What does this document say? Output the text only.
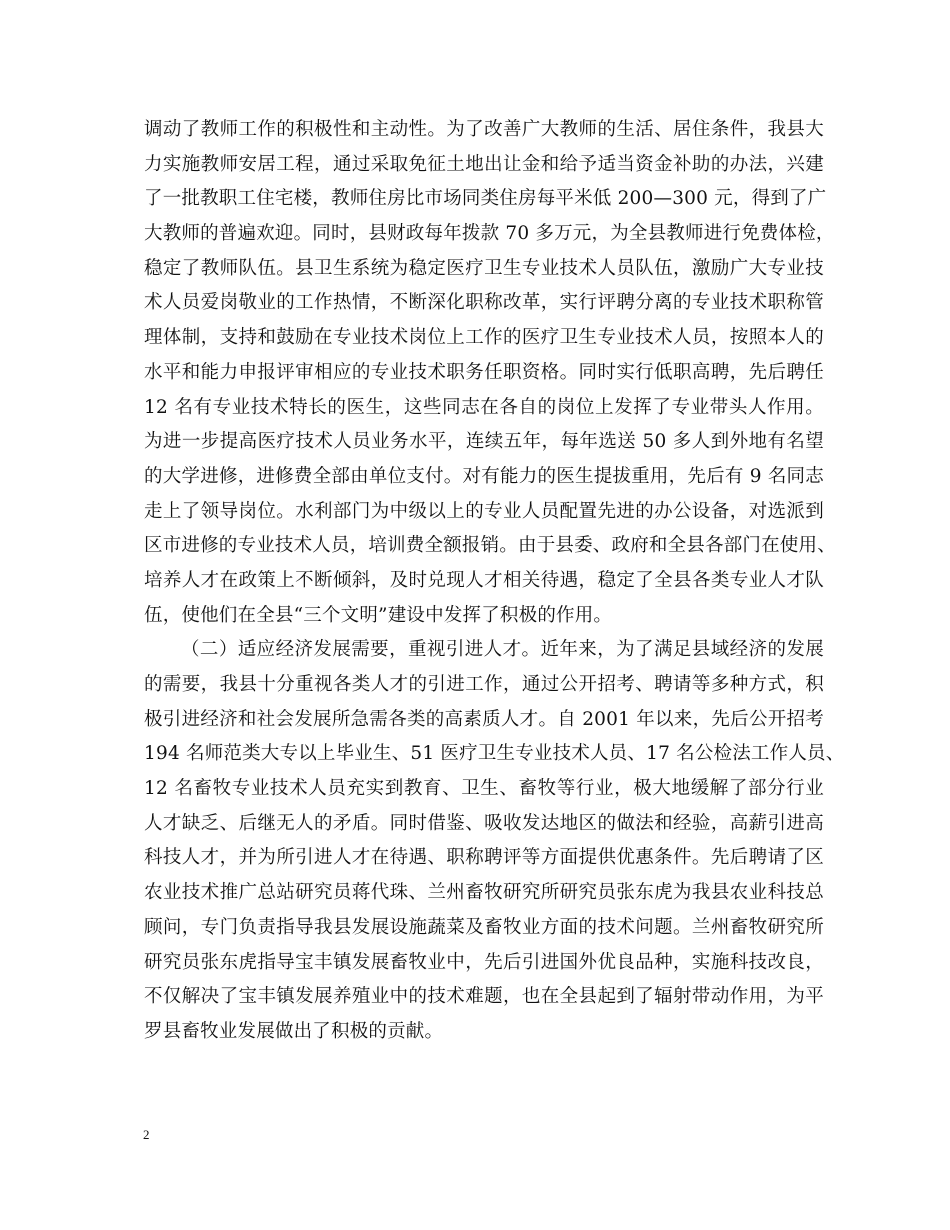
调动了教师工作的积极性和主动性。为了改善广大教师的生活、居住条件，我县大
力实施教师安居工程，通过采取免征土地出让金和给予适当资金补助的办法，兴建
了一批教职工住宅楼，教师住房比市场同类住房每平米低 200—300 元，得到了广
大教师的普遍欢迎。同时，县财政每年拨款 70 多万元，为全县教师进行免费体检，
稳定了教师队伍。县卫生系统为稳定医疗卫生专业技术人员队伍，激励广大专业技
术人员爱岗敬业的工作热情，不断深化职称改革，实行评聘分离的专业技术职称管
理体制，支持和鼓励在专业技术岗位上工作的医疗卫生专业技术人员，按照本人的
水平和能力申报评审相应的专业技术职务任职资格。同时实行低职高聘，先后聘任
12 名有专业技术特长的医生，这些同志在各自的岗位上发挥了专业带头人作用。
为进一步提高医疗技术人员业务水平，连续五年，每年选送 50 多人到外地有名望
的大学进修，进修费全部由单位支付。对有能力的医生提拔重用，先后有 9 名同志
走上了领导岗位。水利部门为中级以上的专业人员配置先进的办公设备，对选派到
区市进修的专业技术人员，培训费全额报销。由于县委、政府和全县各部门在使用、
培养人才在政策上不断倾斜，及时兑现人才相关待遇，稳定了全县各类专业人才队
伍，使他们在全县“三个文明”建设中发挥了积极的作用。
（二）适应经济发展需要，重视引进人才。近年来，为了满足县域经济的发展
的需要，我县十分重视各类人才的引进工作，通过公开招考、聘请等多种方式，积
极引进经济和社会发展所急需各类的高素质人才。自 2001 年以来，先后公开招考
194 名师范类大专以上毕业生、51 医疗卫生专业技术人员、17 名公检法工作人员、
12 名畜牧专业技术人员充实到教育、卫生、畜牧等行业，极大地缓解了部分行业
人才缺乏、后继无人的矛盾。同时借鉴、吸收发达地区的做法和经验，高薪引进高
科技人才，并为所引进人才在待遇、职称聘评等方面提供优惠条件。先后聘请了区
农业技术推广总站研究员蒋代珠、兰州畜牧研究所研究员张东虎为我县农业科技总
顾问，专门负责指导我县发展设施蔬菜及畜牧业方面的技术问题。兰州畜牧研究所
研究员张东虎指导宝丰镇发展畜牧业中，先后引进国外优良品种，实施科技改良，
不仅解决了宝丰镇发展养殖业中的技术难题，也在全县起到了辐射带动作用，为平
罗县畜牧业发展做出了积极的贡献。
2
